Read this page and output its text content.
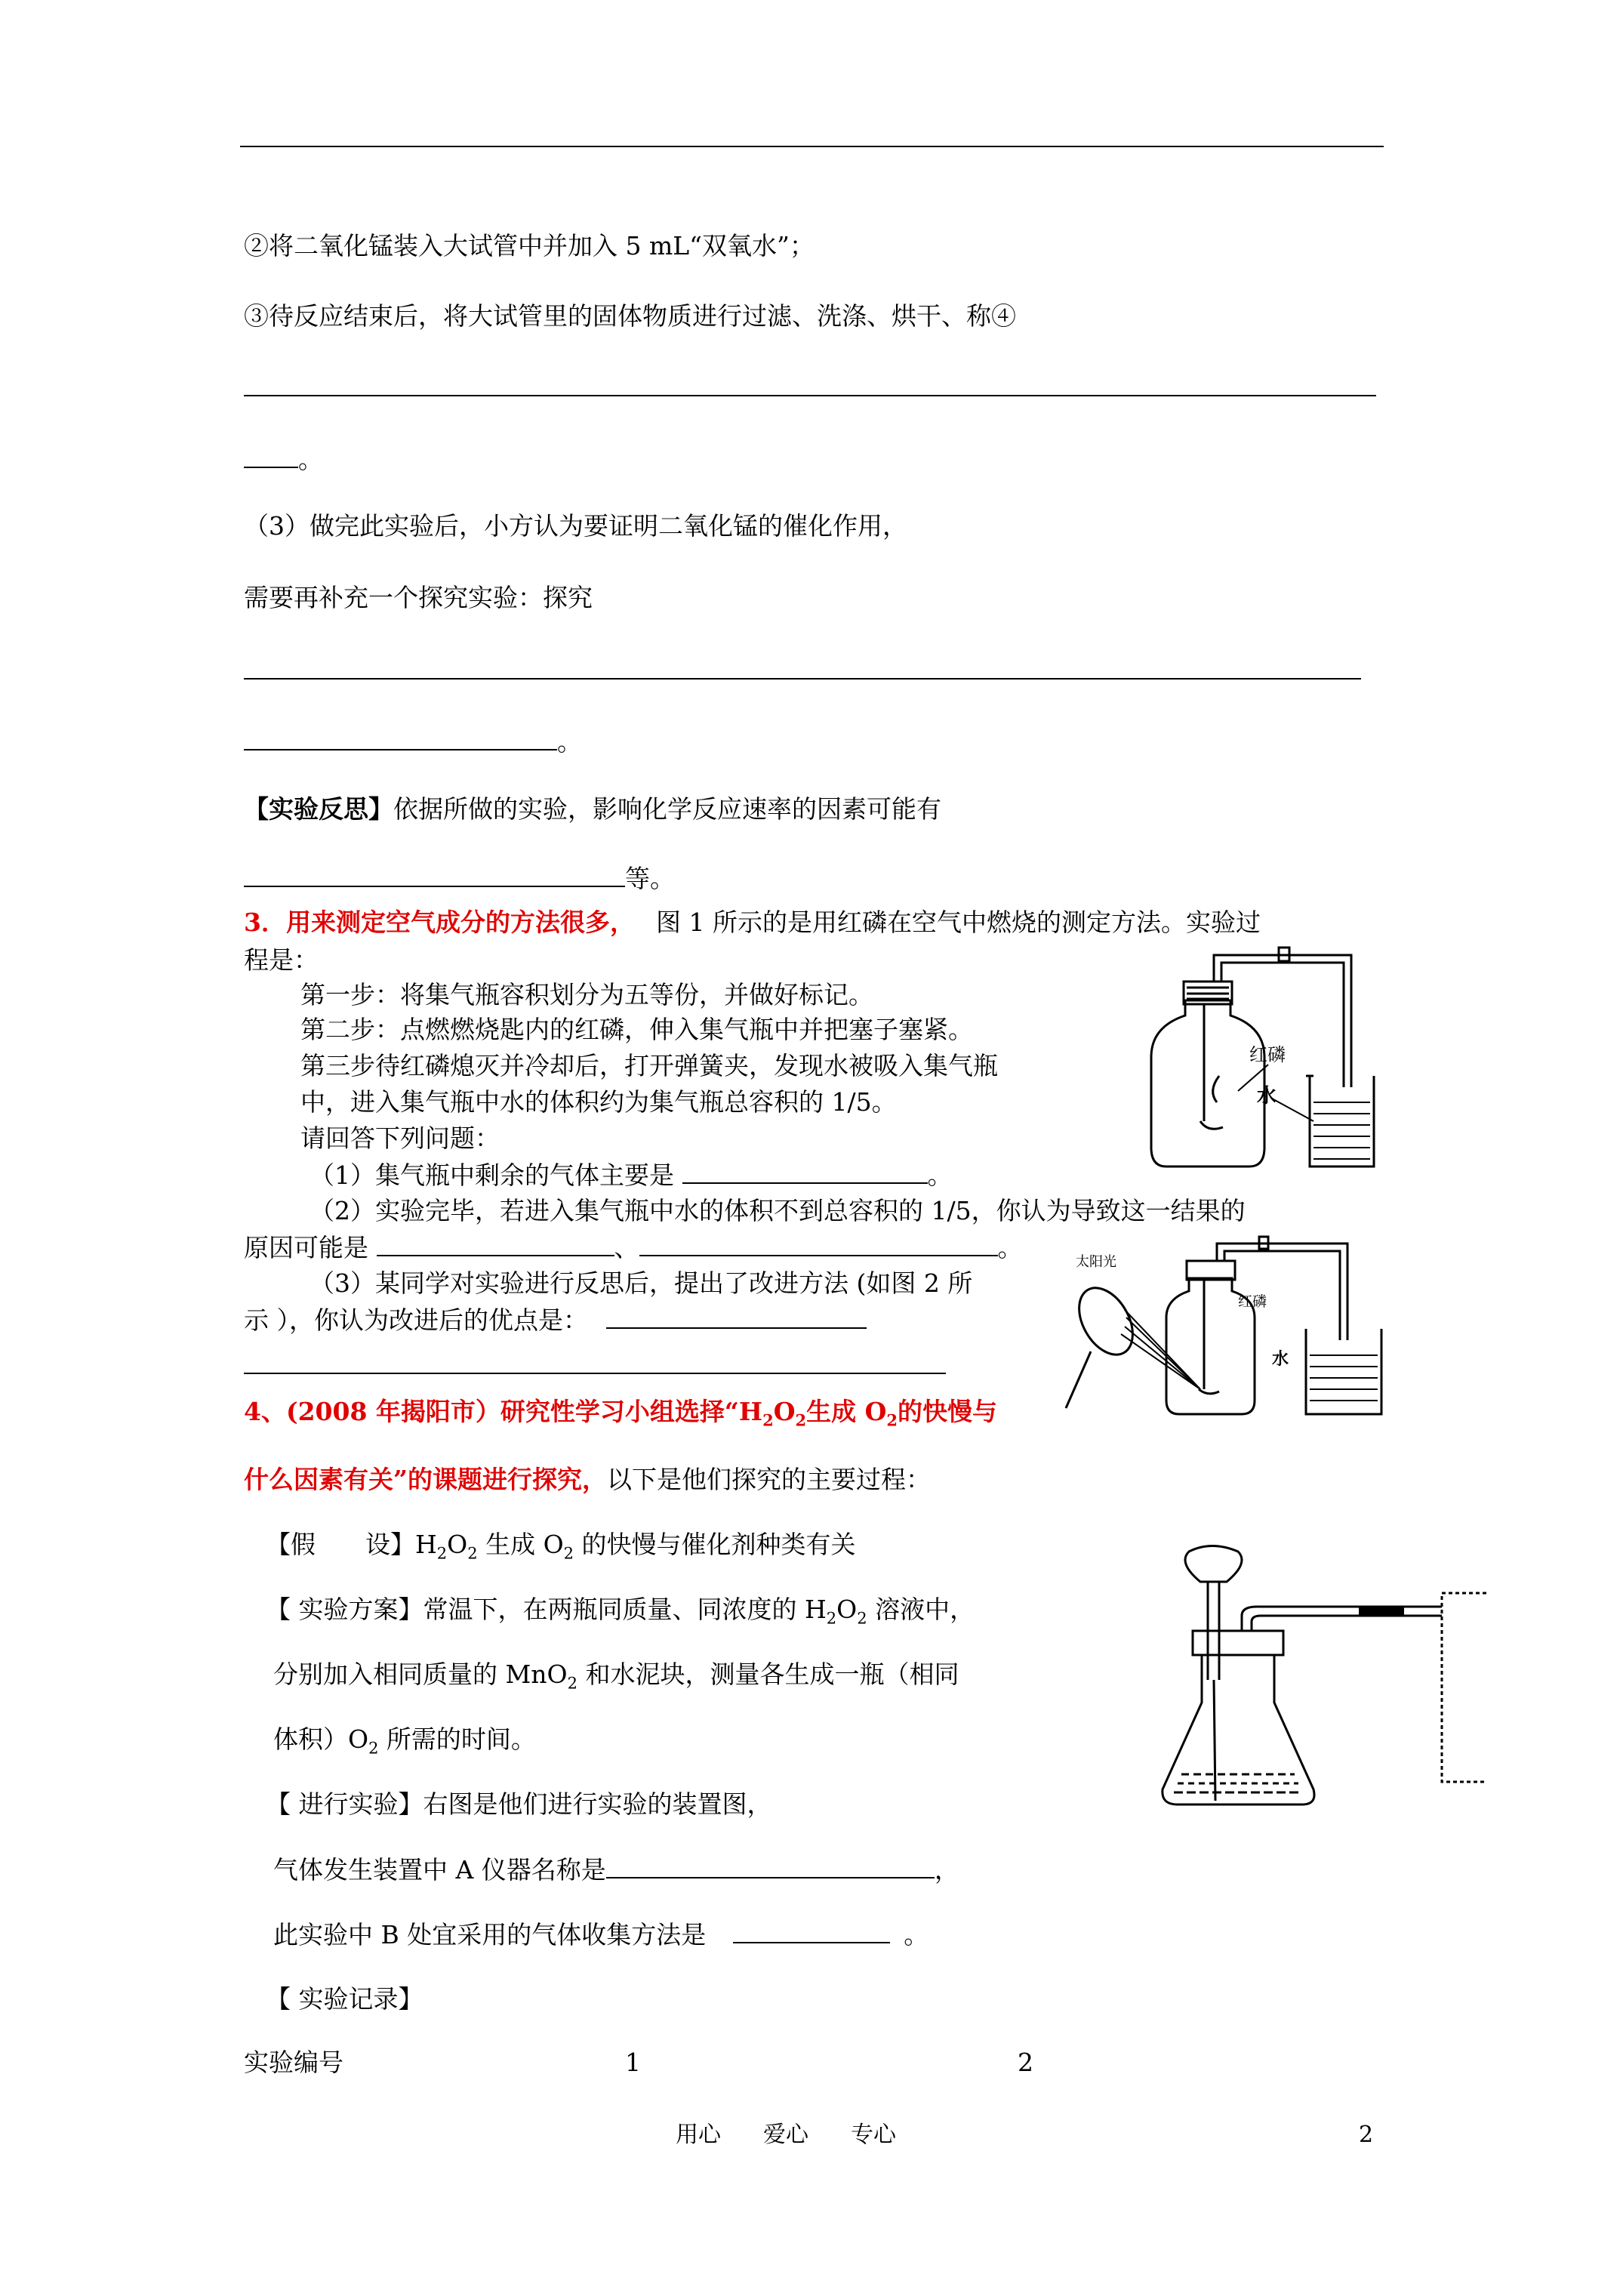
②将二氧化锰装入大试管中并加入 5 mL“双氧水”；
③待反应结束后，将大试管里的固体物质进行过滤、洗涤、烘干、称④
。
（3）做完此实验后，小方认为要证明二氧化锰的催化作用，
需要再补充一个探究实验：探究
。
【实验反思】依据所做的实验，影响化学反应速率的因素可能有
等。
3．用来测定空气成分的方法很多， 图 1 所示的是用红磷在空气中燃烧的测定方法。实验过
程是：
第一步：将集气瓶容积划分为五等份，并做好标记。
第二步：点燃燃烧匙内的红磷，伸入集气瓶中并把塞子塞紧。
第三步待红磷熄灭并冷却后，打开弹簧夹，发现水被吸入集气瓶
中，进入集气瓶中水的体积约为集气瓶总容积的 1/5。
请回答下列问题：
（1）集气瓶中剩余的气体主要是	。
（2）实验完毕，若进入集气瓶中水的体积不到总容积的 1/5，你认为导致这一结果的
原因可能是	、	。
（3）某同学对实验进行反思后，提出了改进方法 (如图 2 所
示 ），你认为改进后的优点是：
红磷
水
太阳光
红磷
水
4、(2008 年揭阳市）研究性学习小组选择“$H_2O_2$生成 $O_2$的快慢与
什么因素有关”的课题进行探究，以下是他们探究的主要过程：
【假　　设】$H_2O_2$ 生成 $O_2$ 的快慢与催化剂种类有关
【 实验方案】常温下，在两瓶同质量、同浓度的 $H_2O_2$ 溶液中，
分别加入相同质量的 MnO$_2$ 和水泥块，测量各生成一瓶（相同
体积）$O_2$ 所需的时间。
【 进行实验】右图是他们进行实验的装置图，
气体发生装置中 A 仪器名称是	，
此实验中 B 处宜采用的气体收集方法是	。
【 实验记录】
实验编号	1	2
用心 爱心 专心	2
